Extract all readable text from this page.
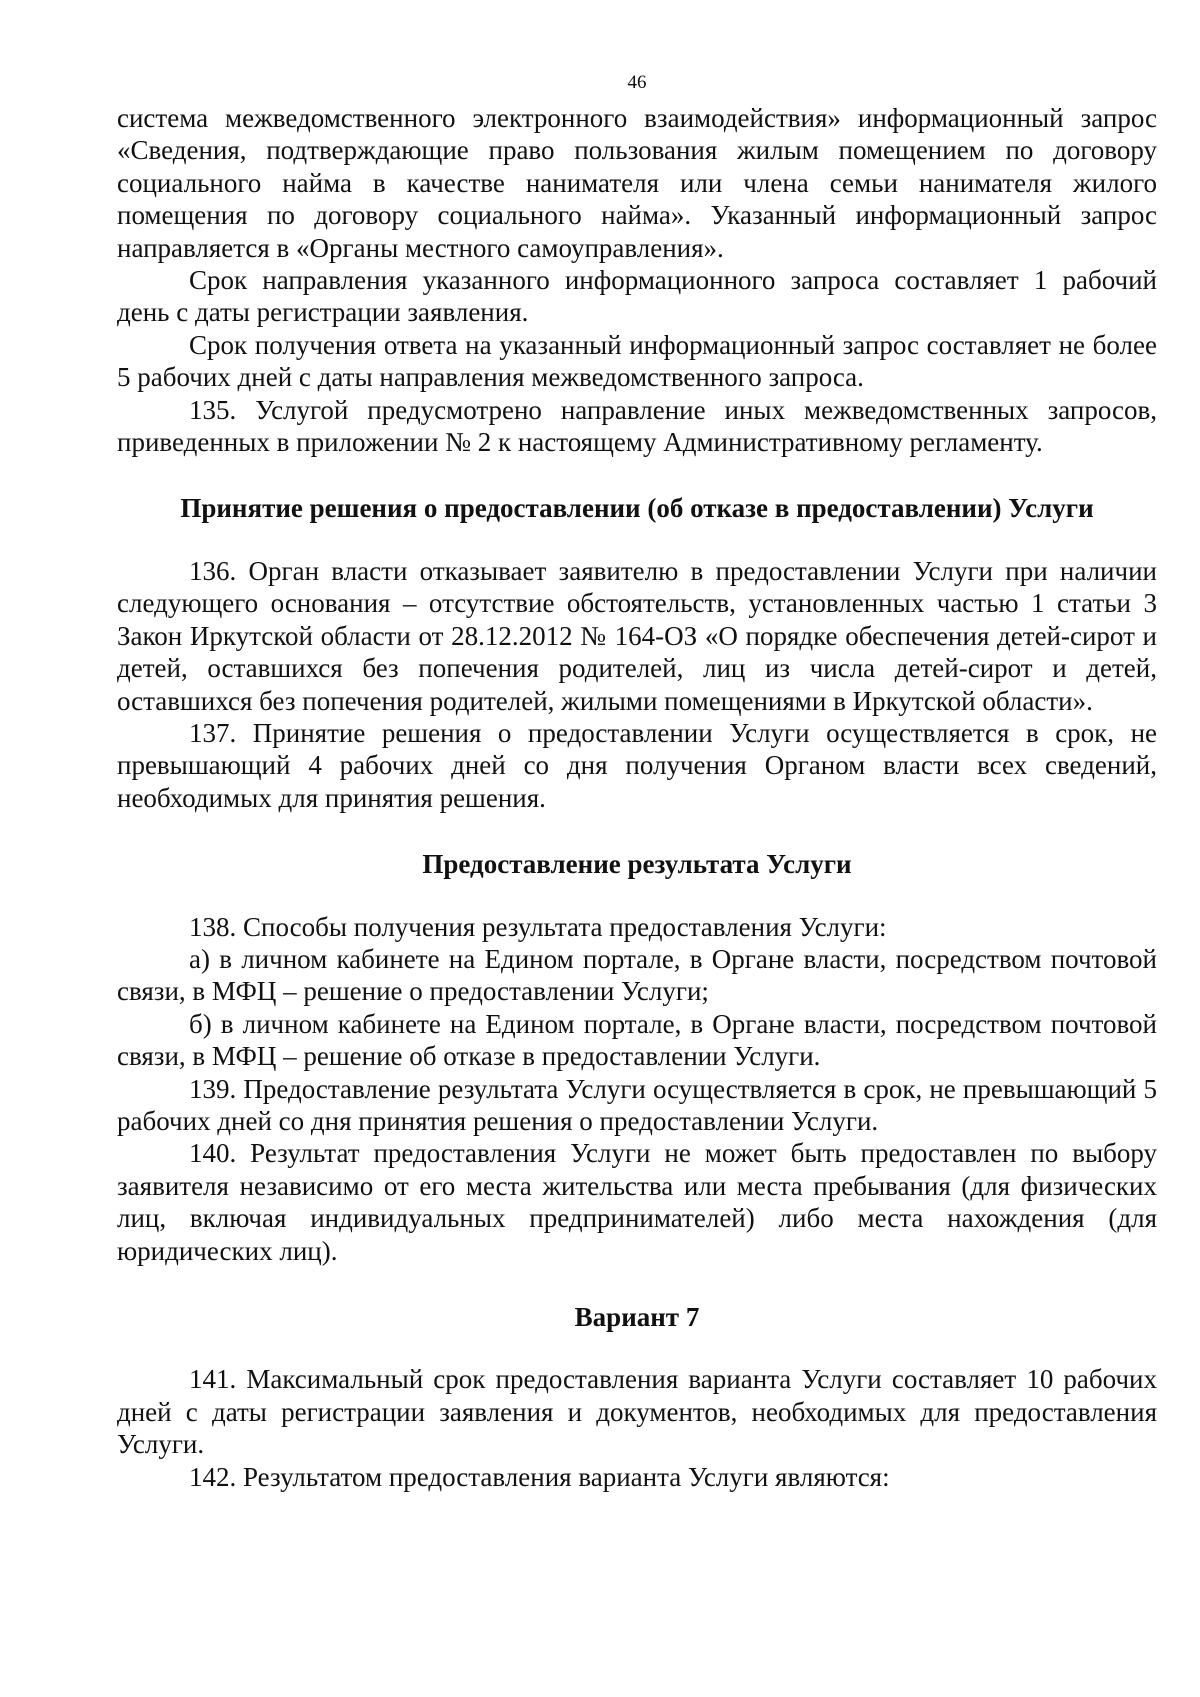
46

система межведомственного электронного взаимодействия» информационный запрос «Сведения, подтверждающие право пользования жилым помещением по договору социального найма в качестве нанимателя или члена семьи нанимателя жилого помещения по договору социального найма». Указанный информационный запрос направляется в «Органы местного самоуправления».

Срок направления указанного информационного запроса составляет 1 рабочий день с даты регистрации заявления.

Срок получения ответа на указанный информационный запрос составляет не более 5 рабочих дней с даты направления межведомственного запроса.

135. Услугой предусмотрено направление иных межведомственных запросов, приведенных в приложении № 2 к настоящему Административному регламенту.

Принятие решения о предоставлении (об отказе в предоставлении) Услуги

136. Орган власти отказывает заявителю в предоставлении Услуги при наличии следующего основания – отсутствие обстоятельств, установленных частью 1 статьи 3 Закон Иркутской области от 28.12.2012 № 164-ОЗ «О порядке обеспечения детей-сирот и детей, оставшихся без попечения родителей, лиц из числа детей-сирот и детей, оставшихся без попечения родителей, жилыми помещениями в Иркутской области».

137. Принятие решения о предоставлении Услуги осуществляется в срок, не превышающий 4 рабочих дней со дня получения Органом власти всех сведений, необходимых для принятия решения.

Предоставление результата Услуги

138. Способы получения результата предоставления Услуги:

а) в личном кабинете на Едином портале, в Органе власти, посредством почтовой связи, в МФЦ – решение о предоставлении Услуги;

б) в личном кабинете на Едином портале, в Органе власти, посредством почтовой связи, в МФЦ – решение об отказе в предоставлении Услуги.

139. Предоставление результата Услуги осуществляется в срок, не превышающий 5 рабочих дней со дня принятия решения о предоставлении Услуги.

140. Результат предоставления Услуги не может быть предоставлен по выбору заявителя независимо от его места жительства или места пребывания (для физических лиц, включая индивидуальных предпринимателей) либо места нахождения (для юридических лиц).

Вариант 7

141. Максимальный срок предоставления варианта Услуги составляет 10 рабочих дней с даты регистрации заявления и документов, необходимых для предоставления Услуги.

142. Результатом предоставления варианта Услуги являются:
